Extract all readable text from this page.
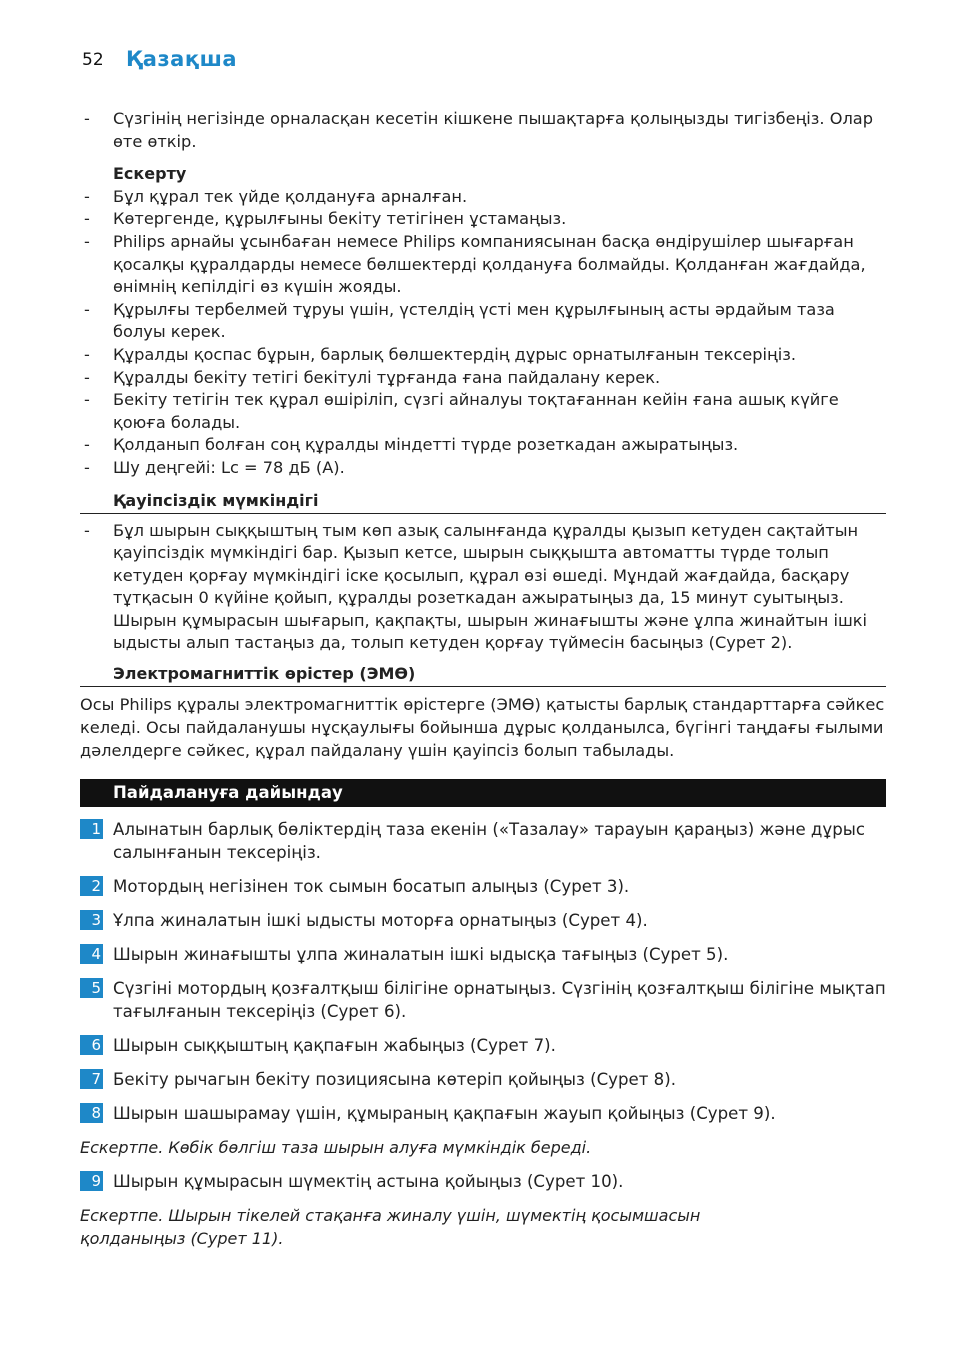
52 Қазақша
- Сүзгінің негізінде орналасқан кесетін кішкене пышақтарға қолыңызды тигізбеңіз. Олар өте өткір.
Ескерту
- Бұл құрал тек үйде қолдануға арналған.
- Көтергенде, құрылғыны бекіту тетігінен ұстамаңыз.
- Philips арнайы ұсынбаған немесе Philips компаниясынан басқа өндірушілер шығарған қосалқы құралдарды немесе бөлшектерді қолдануға болмайды. Қолданған жағдайда, өнімнің кепілдігі өз күшін жояды.
- Құрылғы тербелмей тұруы үшін, үстелдің үсті мен құрылғының асты әрдайым таза болуы керек.
- Құралды қоспас бұрын, барлық бөлшектердің дұрыс орнатылғанын тексеріңіз.
- Құралды бекіту тетігі бекітулі тұрғанда ғана пайдалану керек.
- Бекіту тетігін тек құрал өшіріліп, сүзгі айналуы тоқтағаннан кейін ғана ашық күйге қоюға болады.
- Қолданып болған соң құралды міндетті түрде розеткадан ажыратыңыз.
- Шу деңгейі: Lc = 78 дБ (A).
Қауіпсіздік мүмкіндігі
- Бұл шырын сыққыштың тым көп азық салынғанда құралды қызып кетуден сақтайтын қауіпсіздік мүмкіндігі бар. Қызып кетсе, шырын сыққышта автоматты түрде толып кетуден қорғау мүмкіндігі іске қосылып, құрал өзі өшеді. Мұндай жағдайда, басқару тұтқасын 0 күйіне қойып, құралды розеткадан ажыратыңыз да, 15 минут суытыңыз. Шырын құмырасын шығарып, қақпақты, шырын жинағышты және ұлпа жинайтын ішкі ыдысты алып тастаңыз да, толып кетуден қорғау түймесін басыңыз (Сурет 2).
Электромагниттік өрістер (ЭМӨ)
Осы Philips құралы электромагниттік өрістерге (ЭМӨ) қатысты барлық стандарттарға сәйкес келеді. Осы пайдаланушы нұсқаулығы бойынша дұрыс қолданылса, бүгінгі таңдағы ғылыми дәлелдерге сәйкес, құрал пайдалану үшін қауіпсіз болып табылады.
Пайдалануға дайындау
1 Алынатын барлық бөліктердің таза екенін («Тазалау» тарауын қараңыз) және дұрыс салынғанын тексеріңіз.
2 Мотордың негізінен ток сымын босатып алыңыз (Сурет 3).
3 Ұлпа жиналатын ішкі ыдысты моторға орнатыңыз (Сурет 4).
4 Шырын жинағышты ұлпа жиналатын ішкі ыдысқа тағыңыз (Сурет 5).
5 Сүзгіні мотордың қозғалтқыш білігіне орнатыңыз. Сүзгінің қозғалтқыш білігіне мықтап тағылғанын тексеріңіз (Сурет 6).
6 Шырын сыққыштың қақпағын жабыңыз (Сурет 7).
7 Бекіту рычагын бекіту позициясына көтеріп қойыңыз (Сурет 8).
8 Шырын шашырамау үшін, құмыраның қақпағын жауып қойыңыз (Сурет 9).
Ескертпе. Көбік бөлгіш таза шырын алуға мүмкіндік береді.
9 Шырын құмырасын шүмектің астына қойыңыз (Сурет 10).
Ескертпе. Шырын тікелей стақанға жиналу үшін, шүмектің қосымшасын
қолданыңыз (Сурет 11).
